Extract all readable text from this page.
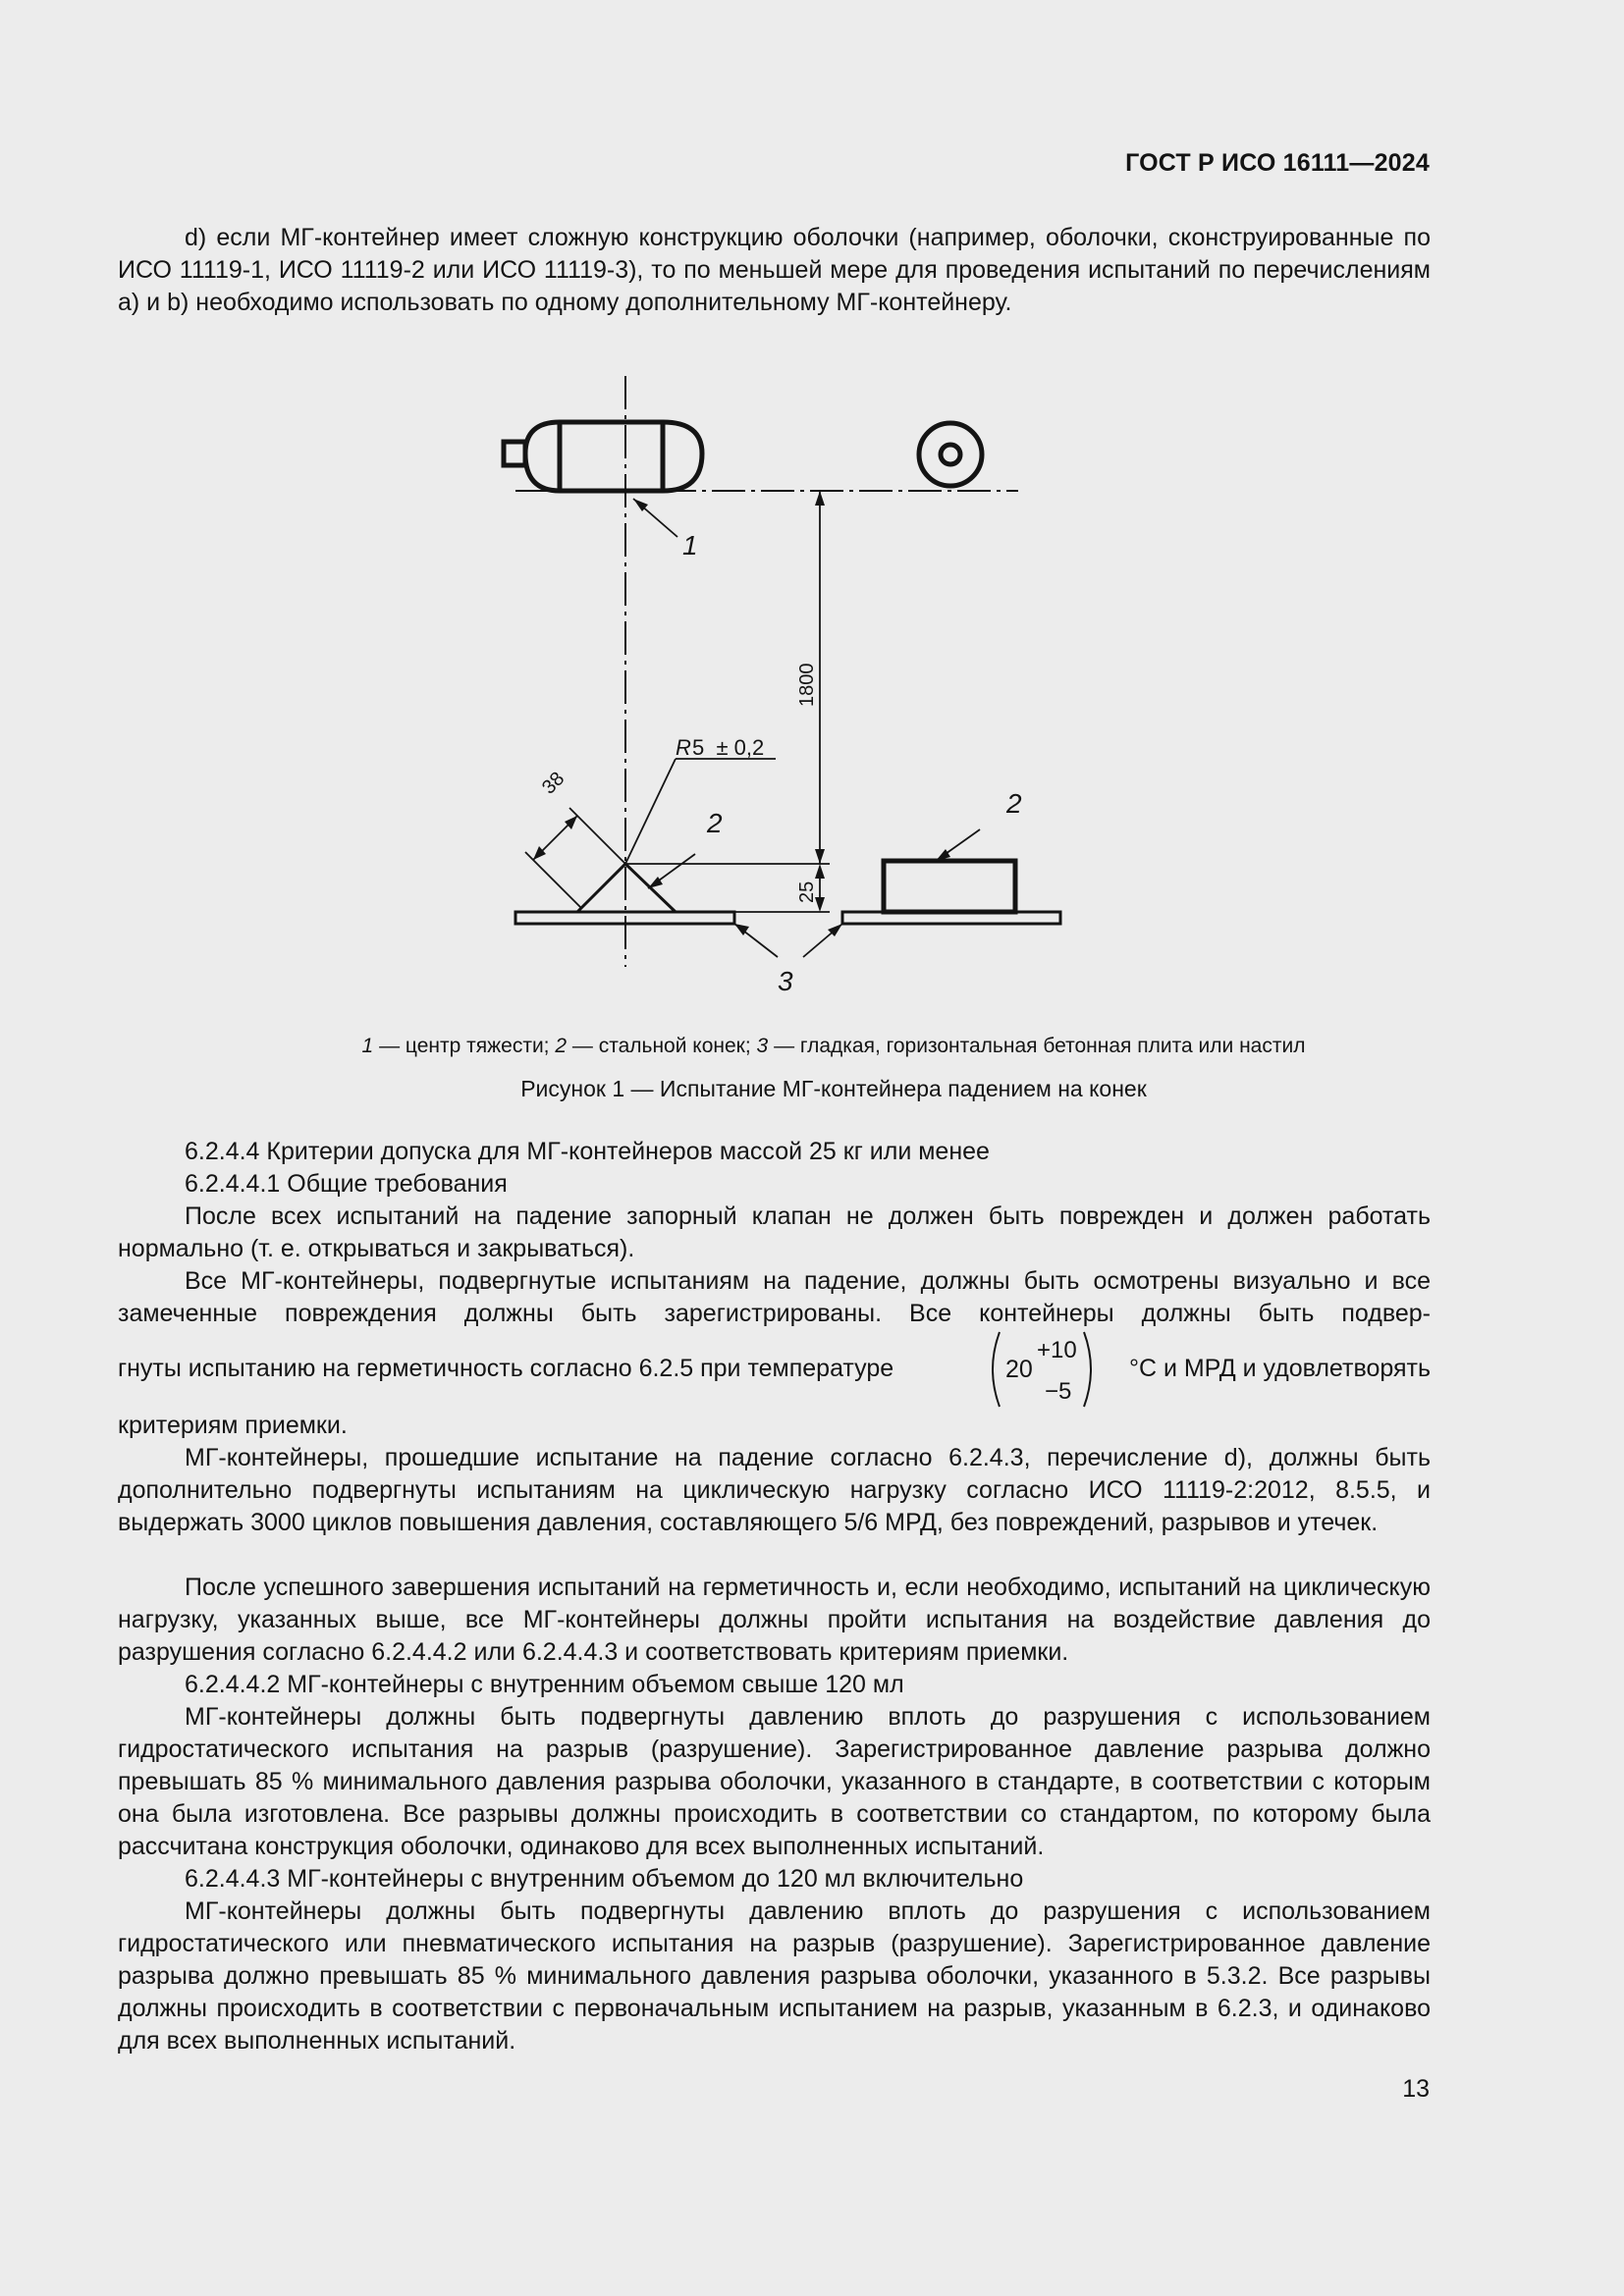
ГОСТ Р ИСО 16111—2024
d) если МГ-контейнер имеет сложную конструкцию оболочки (например, оболочки, сконструированные по ИСО 11119-1, ИСО 11119-2 или ИСО 11119-3), то по меньшей мере для проведения испытаний по перечислениям a) и b) необходимо использовать по одному дополнительному МГ-контейнеру.
1
2
2
3
1800
25
38
R 5  ± 0,2
1 — центр тяжести; 2 — стальной конек; 3 — гладкая, горизонтальная бетонная плита или настил
Рисунок 1 — Испытание МГ-контейнера падением на конек
6.2.4.4 Критерии допуска для МГ-контейнеров массой 25 кг или менее
6.2.4.4.1 Общие требования
После всех испытаний на падение запорный клапан не должен быть поврежден и должен работать нормально (т. е. открываться и закрываться).
Все МГ-контейнеры, подвергнутые испытаниям на падение, должны быть осмотрены визуально и все замеченные повреждения должны быть зарегистрированы. Все контейнеры должны быть подвер-
гнуты испытанию на герметичность согласно 6.2.5 при температуре	20
+10
−5
°С и МРД и удовлетворять
критериям приемки.
МГ-контейнеры, прошедшие испытание на падение согласно 6.2.4.3, перечисление d), должны быть дополнительно подвергнуты испытаниям на циклическую нагрузку согласно ИСО 11119-2:2012, 8.5.5, и выдержать 3000 циклов повышения давления, составляющего 5/6 МРД, без повреждений, разрывов и утечек.
После успешного завершения испытаний на герметичность и, если необходимо, испытаний на циклическую нагрузку, указанных выше, все МГ-контейнеры должны пройти испытания на воздействие давления до разрушения согласно 6.2.4.4.2 или 6.2.4.4.3 и соответствовать критериям приемки.
6.2.4.4.2 МГ-контейнеры с внутренним объемом свыше 120 мл
МГ-контейнеры должны быть подвергнуты давлению вплоть до разрушения с использованием гидростатического испытания на разрыв (разрушение). Зарегистрированное давление разрыва должно превышать 85 % минимального давления разрыва оболочки, указанного в стандарте, в соответствии с которым она была изготовлена. Все разрывы должны происходить в соответствии со стандартом, по которому была рассчитана конструкция оболочки, одинаково для всех выполненных испытаний.
6.2.4.4.3 МГ-контейнеры с внутренним объемом до 120 мл включительно
МГ-контейнеры должны быть подвергнуты давлению вплоть до разрушения с использованием гидростатического или пневматического испытания на разрыв (разрушение). Зарегистрированное давление разрыва должно превышать 85 % минимального давления разрыва оболочки, указанного в 5.3.2. Все разрывы должны происходить в соответствии с первоначальным испытанием на разрыв, указанным в 6.2.3, и одинаково для всех выполненных испытаний.
13
